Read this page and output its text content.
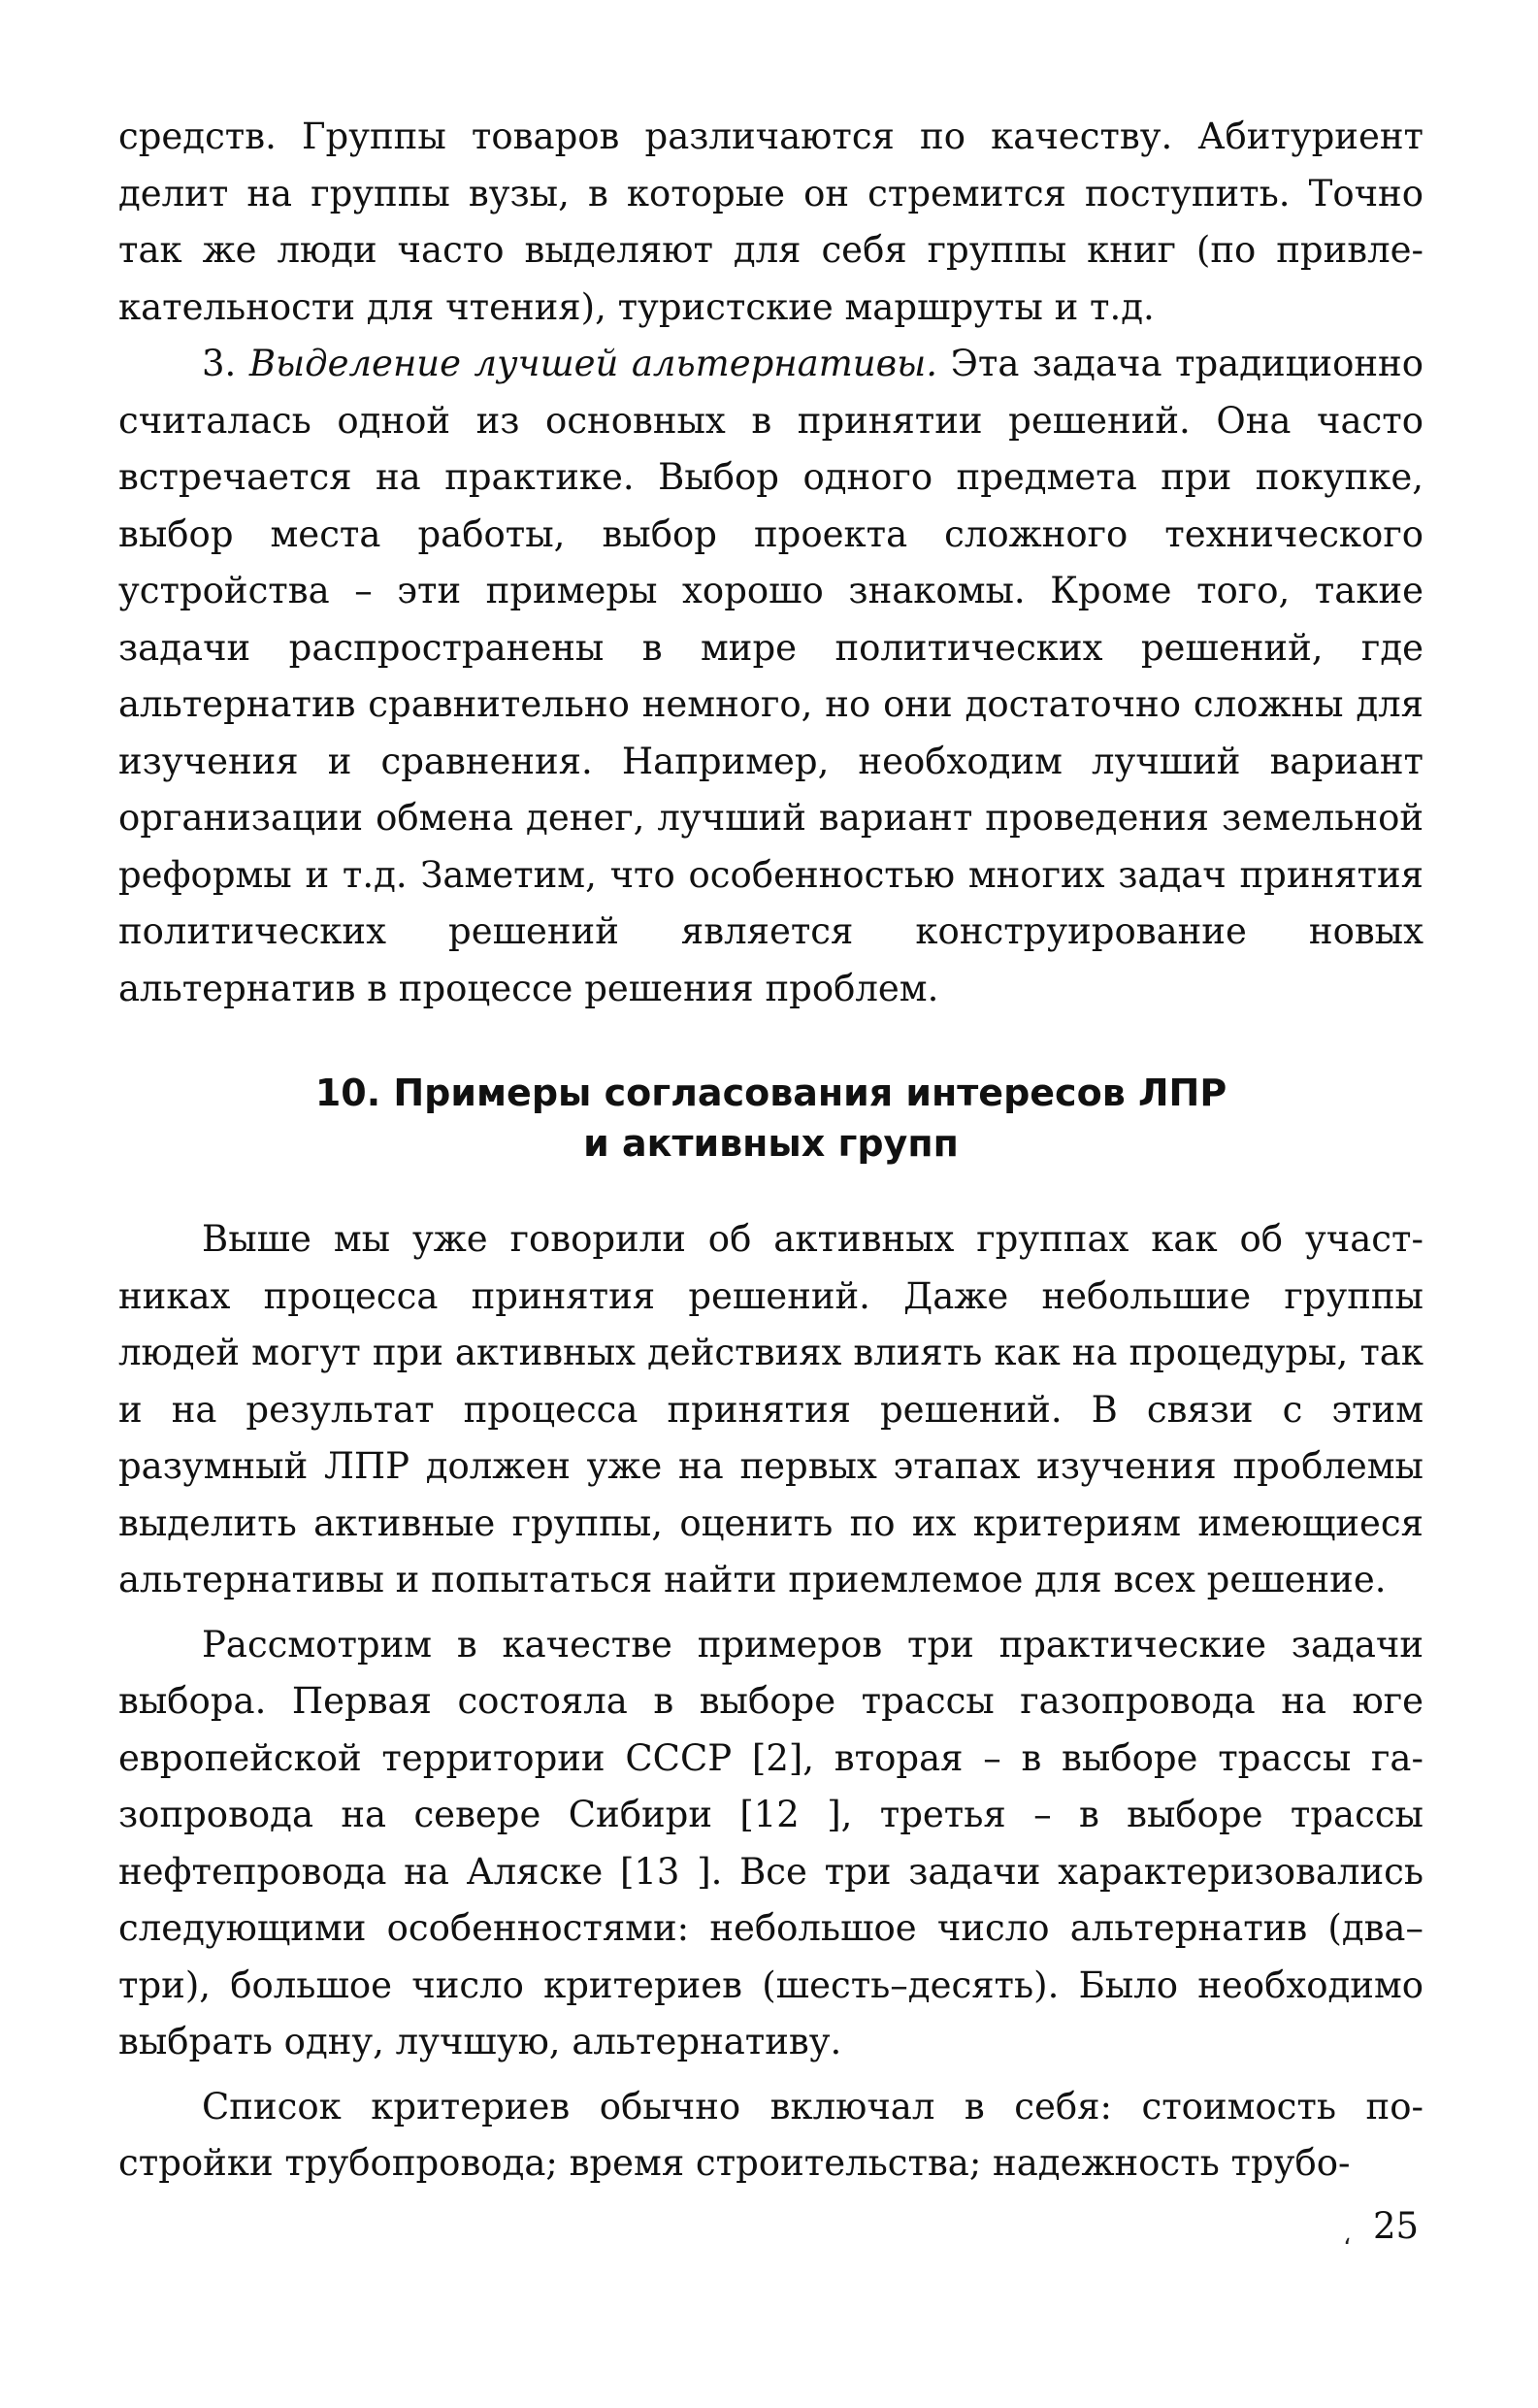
средств. Группы товаров различаются по качеству. Абитуриент делит на группы вузы, в которые он стремится поступить. Точно так же люди часто выделяют для себя группы книг (по привлекательности для чтения), туристские маршруты и т.д.

3. Выделение лучшей альтернативы. Эта задача традиционно считалась одной из основных в принятии решений. Она часто встречается на практике. Выбор одного предмета при покупке, выбор места работы, выбор проекта сложного технического устройства – эти примеры хорошо знакомы. Кроме того, такие задачи распространены в мире политических решений, где альтернатив сравнительно немного, но они достаточно сложны для изучения и сравнения. Например, необходим лучший вариант организации обмена денег, лучший вариант проведения земельной реформы и т.д. Заметим, что особенностью многих задач принятия политических решений является конструирование новых альтернатив в процессе решения проблем.

10. Примеры согласования интересов ЛПР
и активных групп

Выше мы уже говорили об активных группах как об участниках процесса принятия решений. Даже небольшие группы людей могут при активных действиях влиять как на процедуры, так и на результат процесса принятия решений. В связи с этим разумный ЛПР должен уже на первых этапах изучения проблемы выделить активные группы, оценить по их критериям имеющиеся альтернативы и попытаться найти приемлемое для всех решение.

Рассмотрим в качестве примеров три практические задачи выбора. Первая состояла в выборе трассы газопровода на юге европейской территории СССР [2], вторая – в выборе трассы газопровода на севере Сибири [12 ], третья – в выборе трассы нефтепровода на Аляске [13 ]. Все три задачи характеризовались следующими особенностями: небольшое число альтернатив (два–три), большое число критериев (шесть–десять). Было необходимо выбрать одну, лучшую, альтернативу.

Список критериев обычно включал в себя: стоимость постройки трубопровода; время строительства; надежность трубо-

، 25
